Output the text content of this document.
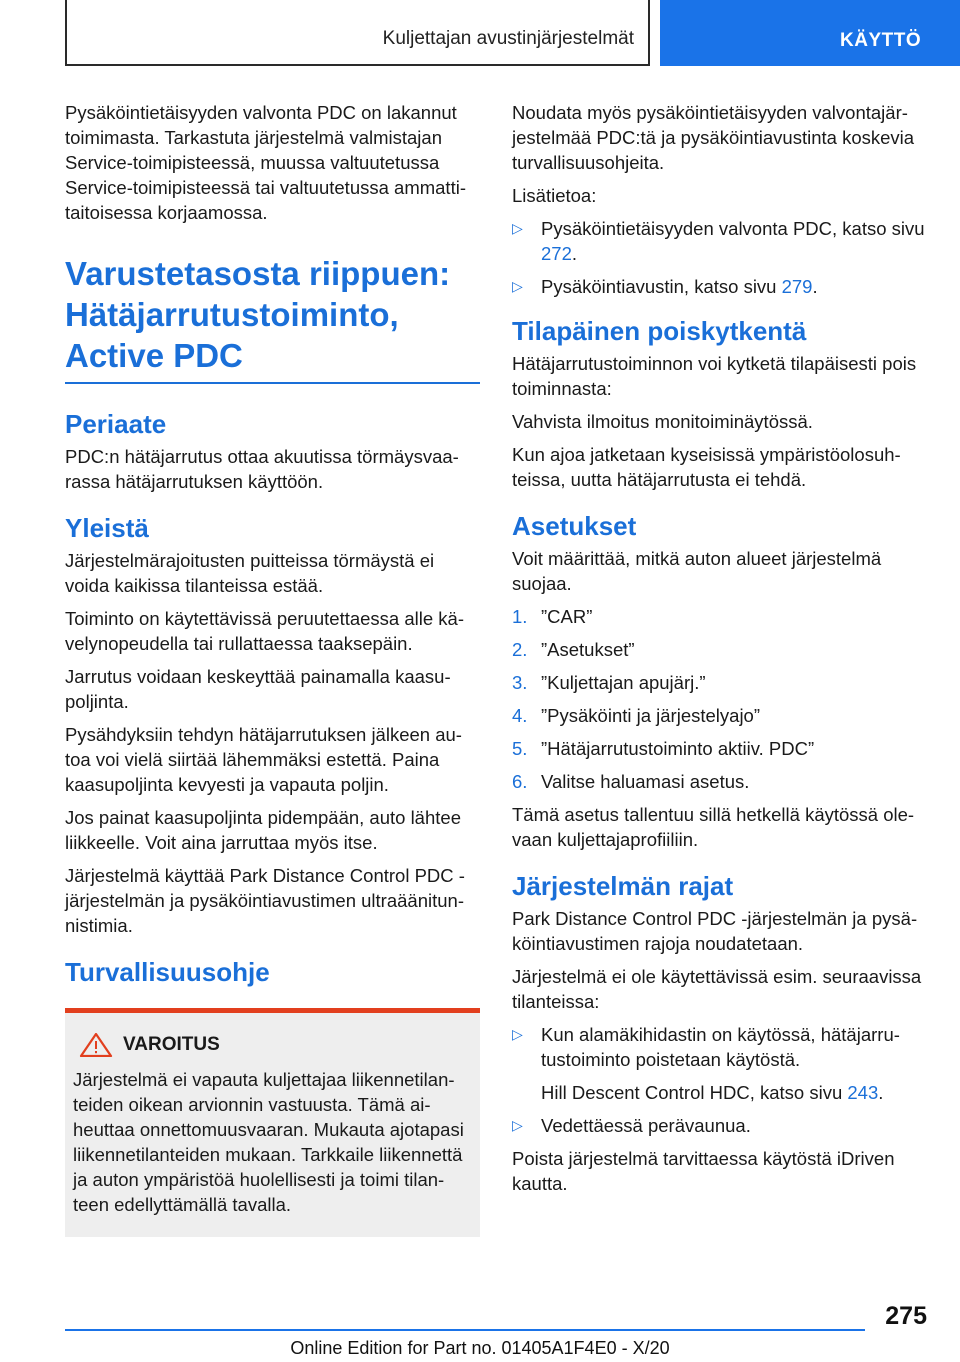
Kuljettajan avustinjärjestelmät	KÄYTTÖ

Pysäköintietäisyyden valvonta PDC on lakannut toimimasta. Tarkastuta järjestelmä valmistajan Service-toimipisteessä, muussa valtuutetussa Service-toimipisteessä tai valtuutetussa ammattitaitoisessa korjaamossa.

Varustetasosta riippuen: Hätäjarrutustoiminto, Active PDC
Periaate

PDC:n hätäjarrutus ottaa akuutissa törmäysvaarassa hätäjarrutuksen käyttöön.

Yleistä

Järjestelmärajoitusten puitteissa törmäystä ei voida kaikissa tilanteissa estää.

Toiminto on käytettävissä peruutettaessa alle kävelynopeudella tai rullattaessa taaksepäin.

Jarrutus voidaan keskeyttää painamalla kaasupoljinta.

Pysähdyksiin tehdyn hätäjarrutuksen jälkeen autoa voi vielä siirtää lähemmäksi estettä. Paina kaasupoljinta kevyesti ja vapauta poljin.

Jos painat kaasupoljinta pidempään, auto lähtee liikkeelle. Voit aina jarruttaa myös itse.

Järjestelmä käyttää Park Distance Control PDC -järjestelmän ja pysäköintiavustimen ultraäänitunnistimia.

Turvallisuusohje
VAROITUS

Järjestelmä ei vapauta kuljettajaa liikennetilanteiden oikean arvionnin vastuusta. Tämä aiheuttaa onnettomuusvaaran. Mukauta ajotapasi liikennetilanteiden mukaan. Tarkkaile liikennettä ja auton ympäristöä huolellisesti ja toimi tilanteen edellyttämällä tavalla.

Noudata myös pysäköintietäisyyden valvontajärjestelmää PDC:tä ja pysäköintiavustinta koskevia turvallisuusohjeita.

Lisätietoa:

▷ Pysäköintietäisyyden valvonta PDC, katso sivu 272.
▷ Pysäköintiavustin, katso sivu 279.
Tilapäinen poiskytkentä

Hätäjarrutustoiminnon voi kytketä tilapäisesti pois toiminnasta:

Vahvista ilmoitus monitoiminäytössä.

Kun ajoa jatketaan kyseisissä ympäristöolosuhteissa, uutta hätäjarrutusta ei tehdä.

Asetukset

Voit määrittää, mitkä auton alueet järjestelmä suojaa.

1. ”CAR”
2. ”Asetukset”
3. ”Kuljettajan apujärj.”
4. ”Pysäköinti ja järjestelyajo”
5. ”Hätäjarrutustoiminto aktiiv. PDC”
6. Valitse haluamasi asetus.

Tämä asetus tallentuu sillä hetkellä käytössä olevaan kuljettajaprofiiliin.

Järjestelmän rajat

Park Distance Control PDC -järjestelmän ja pysäköintiavustimen rajoja noudatetaan.

Järjestelmä ei ole käytettävissä esim. seuraavissa tilanteissa:

▷ Kun alamäkihidastin on käytössä, hätäjarrutustoiminto poistetaan käytöstä.

Hill Descent Control HDC, katso sivu 243.

▷ Vedettäessä perävaunua.

Poista järjestelmä tarvittaessa käytöstä iDriven kautta.

275
Online Edition for Part no. 01405A1F4E0 - X/20
